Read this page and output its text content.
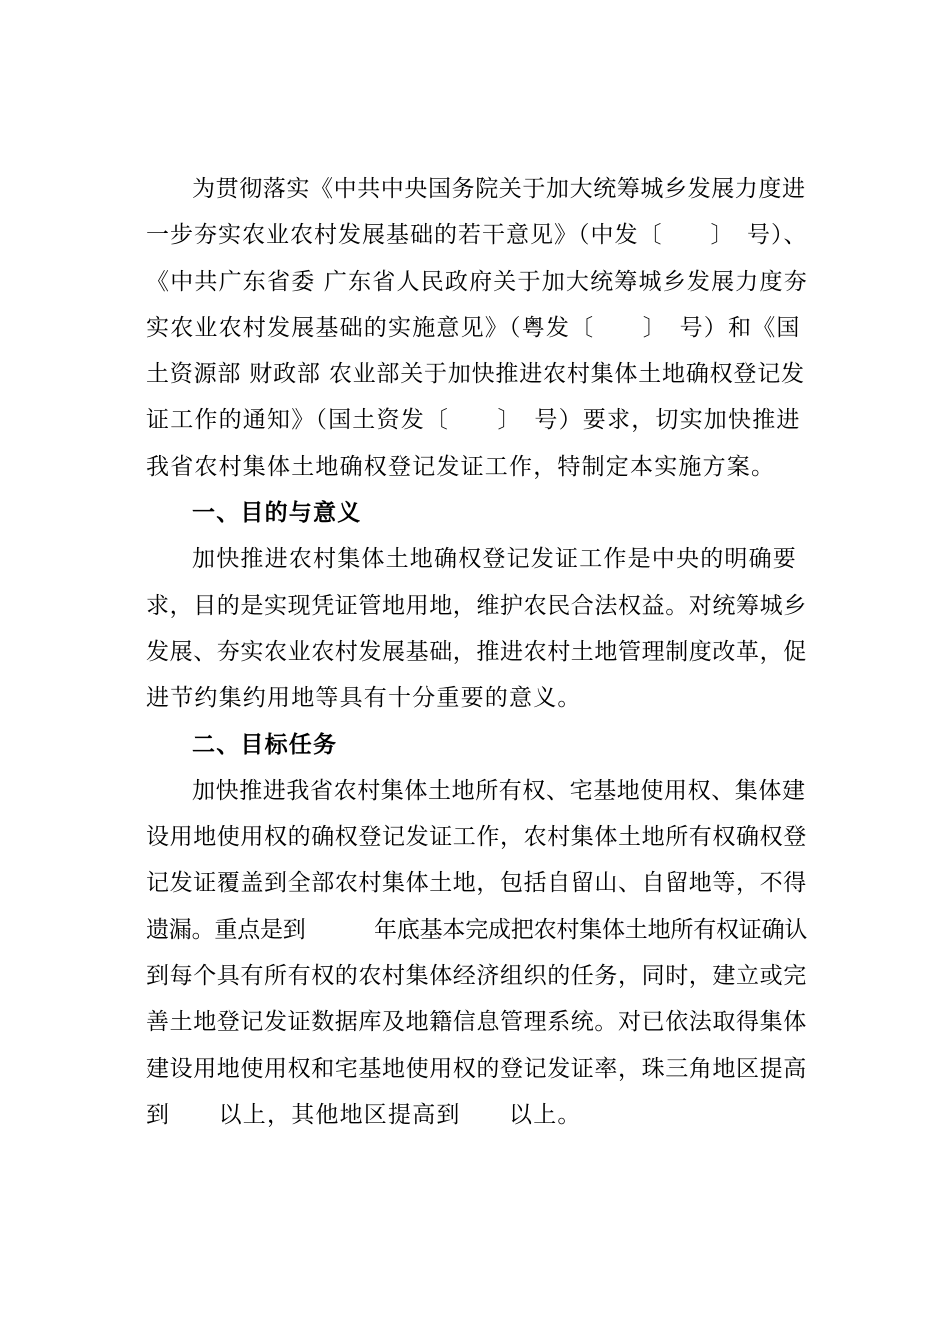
为贯彻落实《中共中央国务院关于加大统筹城乡发展力度进
一步夯实农业农村发展基础的若干意见》（中发〔　　〕　号）、
《中共广东省委 广东省人民政府关于加大统筹城乡发展力度夯
实农业农村发展基础的实施意见》（粤发〔　　〕　号）和《国
土资源部 财政部 农业部关于加快推进农村集体土地确权登记发
证工作的通知》（国土资发〔　　〕　号）要求，切实加快推进
我省农村集体土地确权登记发证工作，特制定本实施方案。
一、目的与意义
加快推进农村集体土地确权登记发证工作是中央的明确要
求，目的是实现凭证管地用地，维护农民合法权益。对统筹城乡
发展、夯实农业农村发展基础，推进农村土地管理制度改革，促
进节约集约用地等具有十分重要的意义。
二、目标任务
加快推进我省农村集体土地所有权、宅基地使用权、集体建
设用地使用权的确权登记发证工作，农村集体土地所有权确权登
记发证覆盖到全部农村集体土地，包括自留山、自留地等，不得
遗漏。重点是到　　　年底基本完成把农村集体土地所有权证确认
到每个具有所有权的农村集体经济组织的任务，同时，建立或完
善土地登记发证数据库及地籍信息管理系统。对已依法取得集体
建设用地使用权和宅基地使用权的登记发证率，珠三角地区提高
到　　以上，其他地区提高到　　以上。
